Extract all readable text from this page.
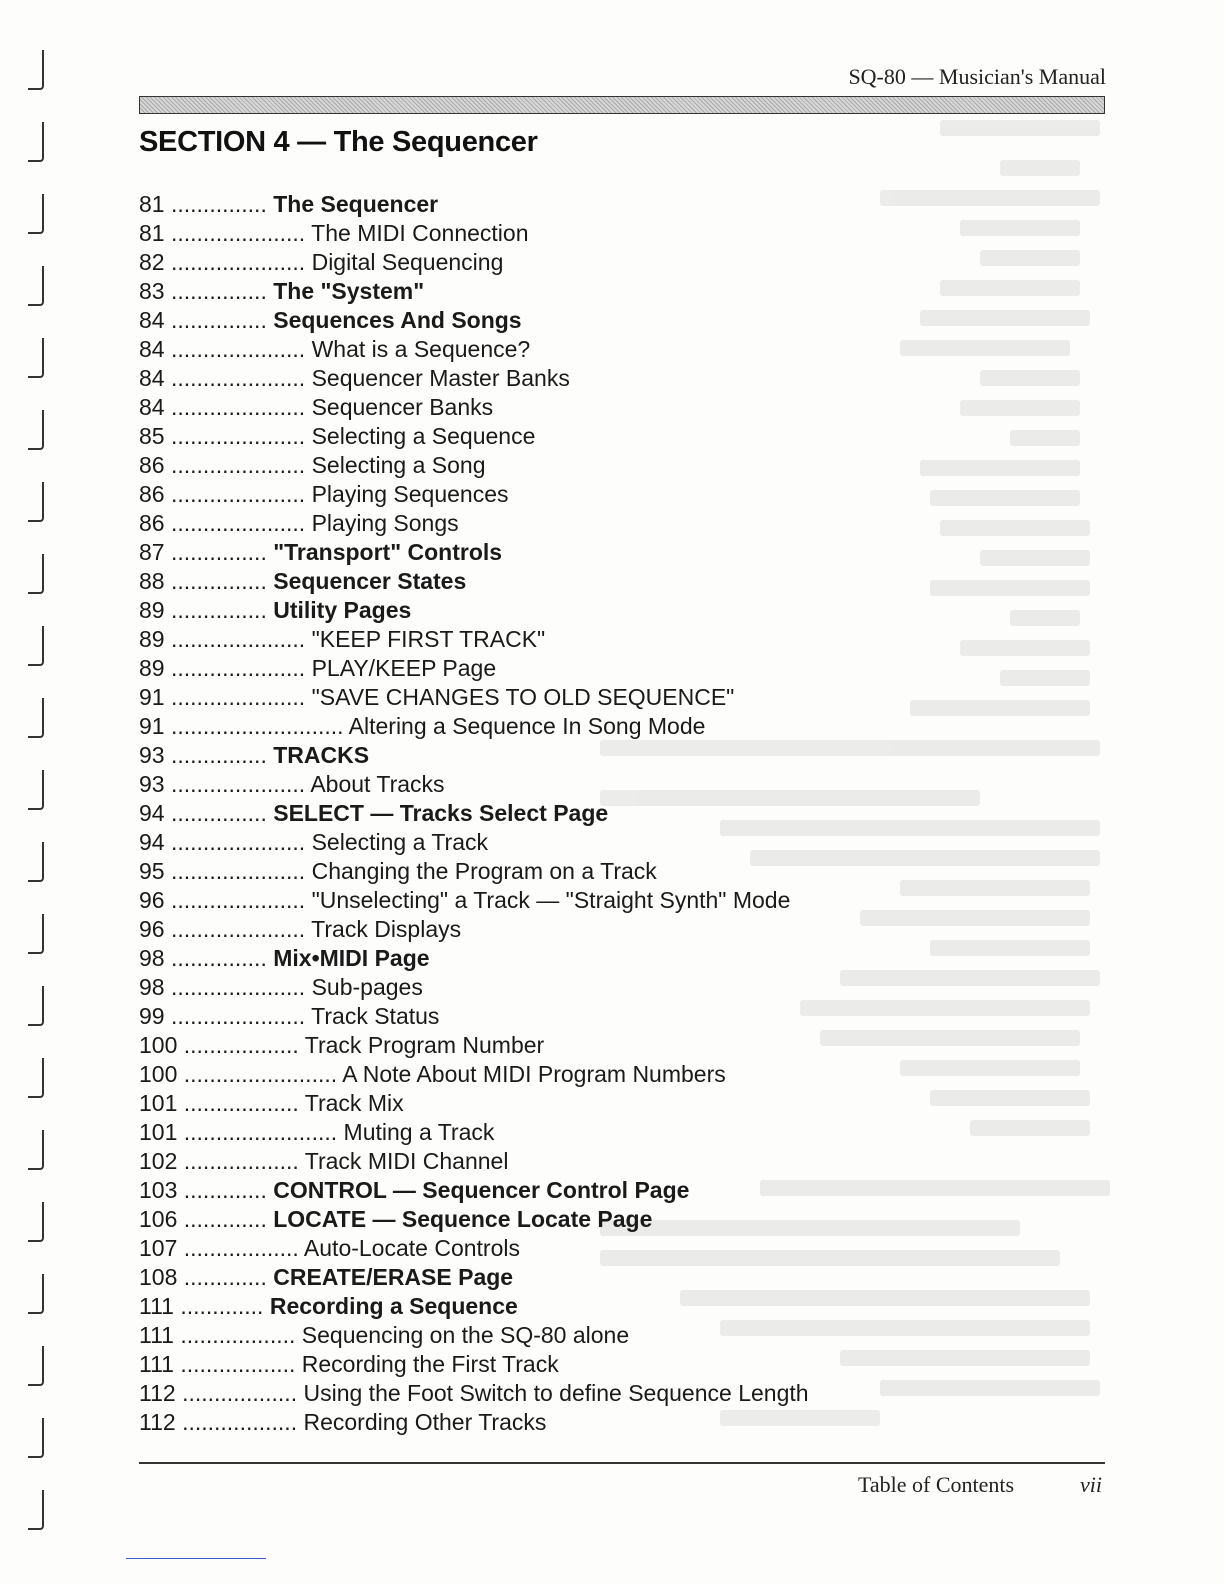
SQ-80 — Musician's Manual
SECTION 4 — The Sequencer
81 ............... The Sequencer
81 ..................... The MIDI Connection
82 ..................... Digital Sequencing
83 ............... The "System"
84 ............... Sequences And Songs
84 ..................... What is a Sequence?
84 ..................... Sequencer Master Banks
84 ..................... Sequencer Banks
85 ..................... Selecting a Sequence
86 ..................... Selecting a Song
86 ..................... Playing Sequences
86 ..................... Playing Songs
87 ............... "Transport" Controls
88 ............... Sequencer States
89 ............... Utility Pages
89 ..................... "KEEP FIRST TRACK"
89 ..................... PLAY/KEEP Page
91 ..................... "SAVE CHANGES TO OLD SEQUENCE"
91 ........................... Altering a Sequence In Song Mode
93 ............... TRACKS
93 ..................... About Tracks
94 ............... SELECT — Tracks Select Page
94 ..................... Selecting a Track
95 ..................... Changing the Program on a Track
96 ..................... "Unselecting" a Track — "Straight Synth" Mode
96 ..................... Track Displays
98 ............... Mix•MIDI Page
98 ..................... Sub-pages
99 ..................... Track Status
100 .................. Track Program Number
100 ........................ A Note About MIDI Program Numbers
101 .................. Track Mix
101 ........................ Muting a Track
102 .................. Track MIDI Channel
103 ............. CONTROL — Sequencer Control Page
106 ............. LOCATE — Sequence Locate Page
107 .................. Auto-Locate Controls
108 ............. CREATE/ERASE Page
111 ............. Recording a Sequence
111 .................. Sequencing on the SQ-80 alone
111 .................. Recording the First Track
112 .................. Using the Foot Switch to define Sequence Length
112 .................. Recording Other Tracks
Table of Contents	vii
